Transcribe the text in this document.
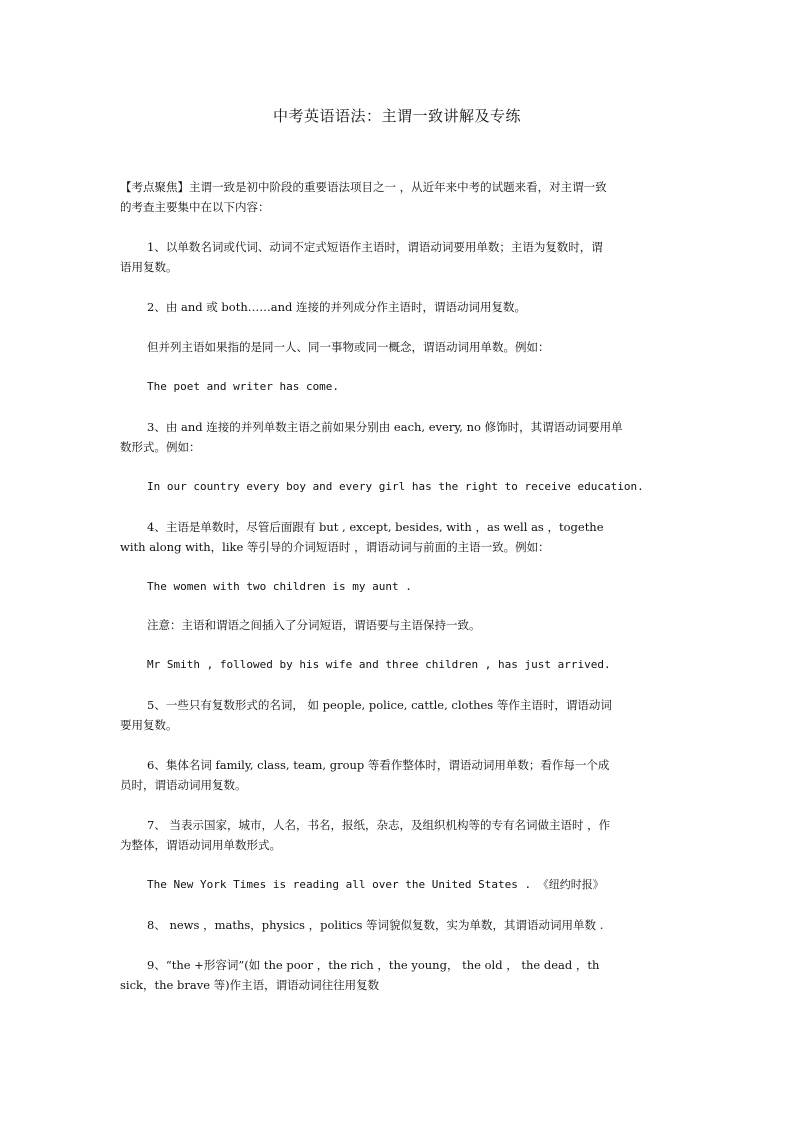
中考英语语法：主谓一致讲解及专练
【考点聚焦】主谓一致是初中阶段的重要语法项目之一 ，从近年来中考的试题来看，对主谓一致
的考查主要集中在以下内容：
1、以单数名词或代词、动词不定式短语作主语时，谓语动词要用单数；主语为复数时，谓
语用复数。
2、由 and 或 both……and 连接的并列成分作主语时，谓语动词用复数。
但并列主语如果指的是同一人、同一事物或同一概念，谓语动词用单数。例如：
The poet and writer has come.
3、由 and 连接的并列单数主语之前如果分别由 each, every, no 修饰时，其谓语动词要用单
数形式。例如：
In our country every boy and every girl has the right to receive education.
4、主语是单数时，尽管后面跟有 but , except, besides, with ，as well as ，togethe
with along with，like 等引导的介词短语时 ，谓语动词与前面的主语一致。例如：
The women with two children is my aunt .
注意：主语和谓语之间插入了分词短语，谓语要与主语保持一致。
Mr Smith , followed by his wife and three children , has just arrived.
5、一些只有复数形式的名词， 如 people, police, cattle, clothes 等作主语时，谓语动词
要用复数。
6、集体名词 family, class, team, group 等看作整体时，谓语动词用单数；看作每一个成
员时，谓语动词用复数。
7、 当表示国家，城市，人名，书名，报纸，杂志，及组织机构等的专有名词做主语时 ，作
为整体，谓语动词用单数形式。
The New York Times is reading all over the United States . 《纽约时报》
8、 news ，maths，physics ，politics 等词貌似复数，实为单数，其谓语动词用单数 .
9、“the +形容词”(如 the poor ，the rich ，the young， the old ， the dead ，th
sick，the brave 等)作主语，谓语动词往往用复数
